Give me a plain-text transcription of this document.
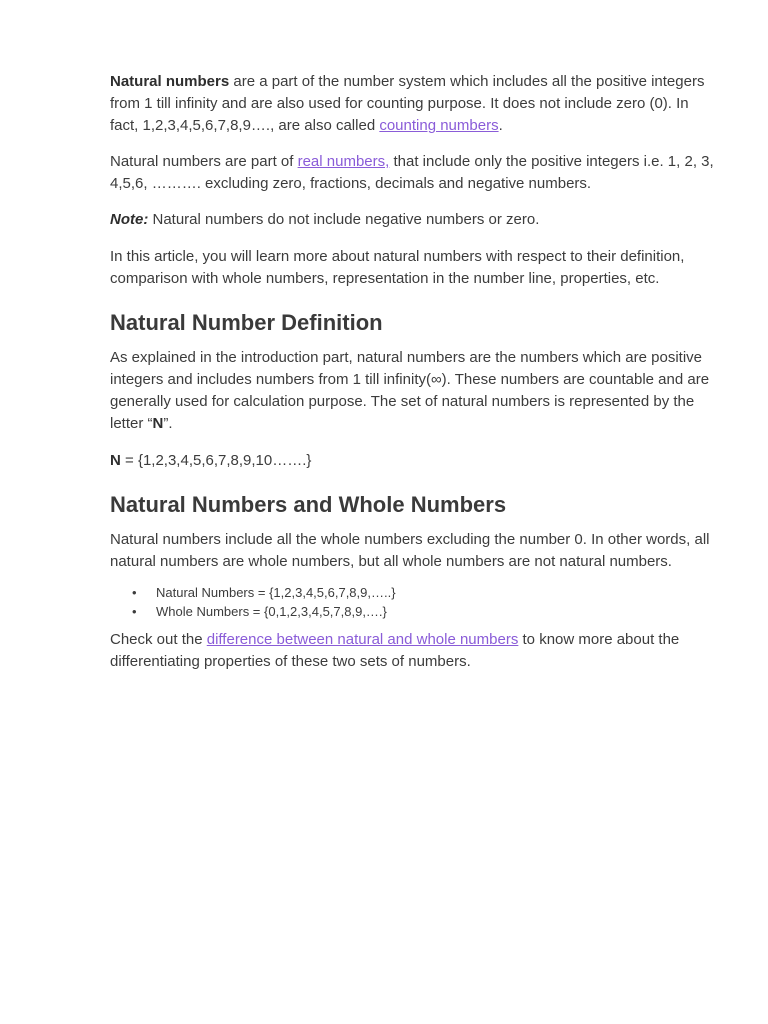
Natural numbers are a part of the number system which includes all the positive integers from 1 till infinity and are also used for counting purpose. It does not include zero (0). In fact, 1,2,3,4,5,6,7,8,9…., are also called counting numbers.

Natural numbers are part of real numbers, that include only the positive integers i.e. 1, 2, 3, 4,5,6, ………. excluding zero, fractions, decimals and negative numbers.

Note: Natural numbers do not include negative numbers or zero.

In this article, you will learn more about natural numbers with respect to their definition, comparison with whole numbers, representation in the number line, properties, etc.

Natural Number Definition

As explained in the introduction part, natural numbers are the numbers which are positive integers and includes numbers from 1 till infinity(∞). These numbers are countable and are generally used for calculation purpose. The set of natural numbers is represented by the letter “N”.

N = {1,2,3,4,5,6,7,8,9,10…….}

Natural Numbers and Whole Numbers

Natural numbers include all the whole numbers excluding the number 0. In other words, all natural numbers are whole numbers, but all whole numbers are not natural numbers.

• Natural Numbers = {1,2,3,4,5,6,7,8,9,…..}
• Whole Numbers = {0,1,2,3,4,5,7,8,9,….}

Check out the difference between natural and whole numbers to know more about the differentiating properties of these two sets of numbers.
